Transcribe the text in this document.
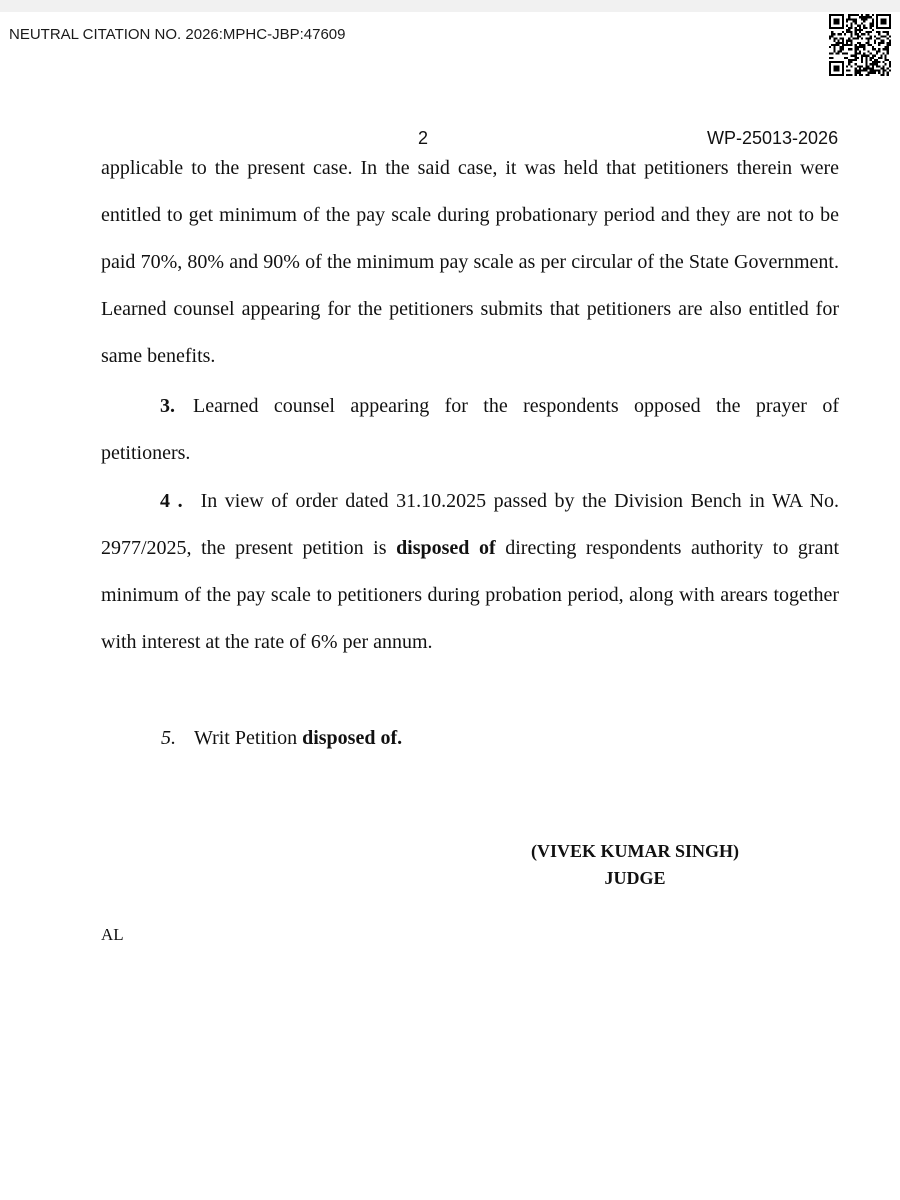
NEUTRAL CITATION NO. 2026:MPHC-JBP:47609
2	WP-25013-2026
applicable to the present case. In the said case, it was held that petitioners therein were entitled to get minimum of the pay scale during probationary period and they are not to be paid 70%, 80% and 90% of the minimum pay scale as per circular of the State Government. Learned counsel appearing for the petitioners submits that petitioners are also entitled for same benefits.
3. Learned counsel appearing for the respondents opposed the prayer of petitioners.
4 . In view of order dated 31.10.2025 passed by the Division Bench in WA No. 2977/2025, the present petition is disposed of directing respondents authority to grant minimum of the pay scale to petitioners during probation period, along with arears together with interest at the rate of 6% per annum.
5. Writ Petition disposed of.
(VIVEK KUMAR SINGH)
JUDGE
AL
